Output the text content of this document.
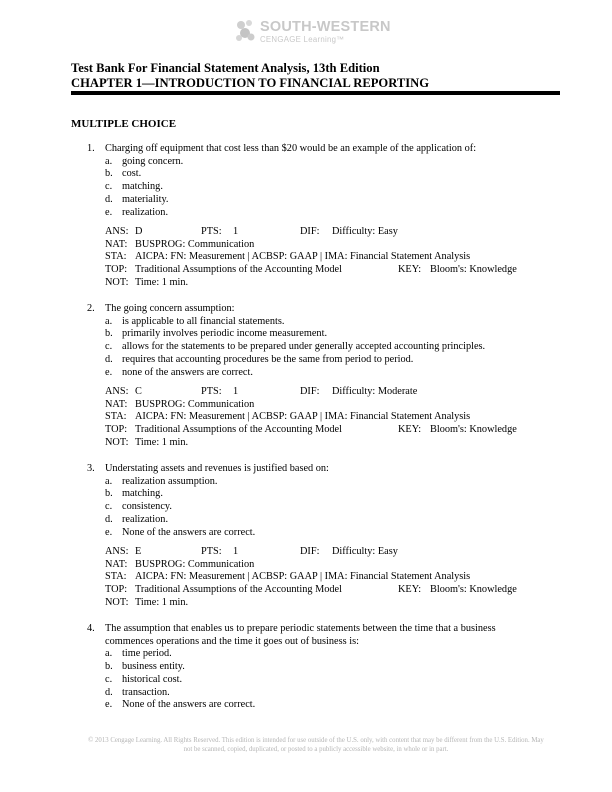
SOUTH-WESTERN
CENGAGE Learning™
Test Bank For Financial Statement Analysis, 13th Edition
CHAPTER 1—INTRODUCTION TO FINANCIAL REPORTING
MULTIPLE CHOICE
1. Charging off equipment that cost less than $20 would be an example of the application of:
a. going concern.
b. cost.
c. matching.
d. materiality.
e. realization.
ANS: D	PTS: 1	DIF: Difficulty: Easy
NAT: BUSPROG: Communication
STA: AICPA: FN: Measurement | ACBSP: GAAP | IMA: Financial Statement Analysis
TOP: Traditional Assumptions of the Accounting Model	KEY: Bloom's: Knowledge
NOT: Time: 1 min.
2. The going concern assumption:
a. is applicable to all financial statements.
b. primarily involves periodic income measurement.
c. allows for the statements to be prepared under generally accepted accounting principles.
d. requires that accounting procedures be the same from period to period.
e. none of the answers are correct.
ANS: C	PTS: 1	DIF: Difficulty: Moderate
NAT: BUSPROG: Communication
STA: AICPA: FN: Measurement | ACBSP: GAAP | IMA: Financial Statement Analysis
TOP: Traditional Assumptions of the Accounting Model	KEY: Bloom's: Knowledge
NOT: Time: 1 min.
3. Understating assets and revenues is justified based on:
a. realization assumption.
b. matching.
c. consistency.
d. realization.
e. None of the answers are correct.
ANS: E	PTS: 1	DIF: Difficulty: Easy
NAT: BUSPROG: Communication
STA: AICPA: FN: Measurement | ACBSP: GAAP | IMA: Financial Statement Analysis
TOP: Traditional Assumptions of the Accounting Model	KEY: Bloom's: Knowledge
NOT: Time: 1 min.
4. The assumption that enables us to prepare periodic statements between the time that a business commences operations and the time it goes out of business is:
a. time period.
b. business entity.
c. historical cost.
d. transaction.
e. None of the answers are correct.
© 2013 Cengage Learning. All Rights Reserved. This edition is intended for use outside of the U.S. only, with content that may be different from the U.S. Edition. May not be scanned, copied, duplicated, or posted to a publicly accessible website, in whole or in part.
